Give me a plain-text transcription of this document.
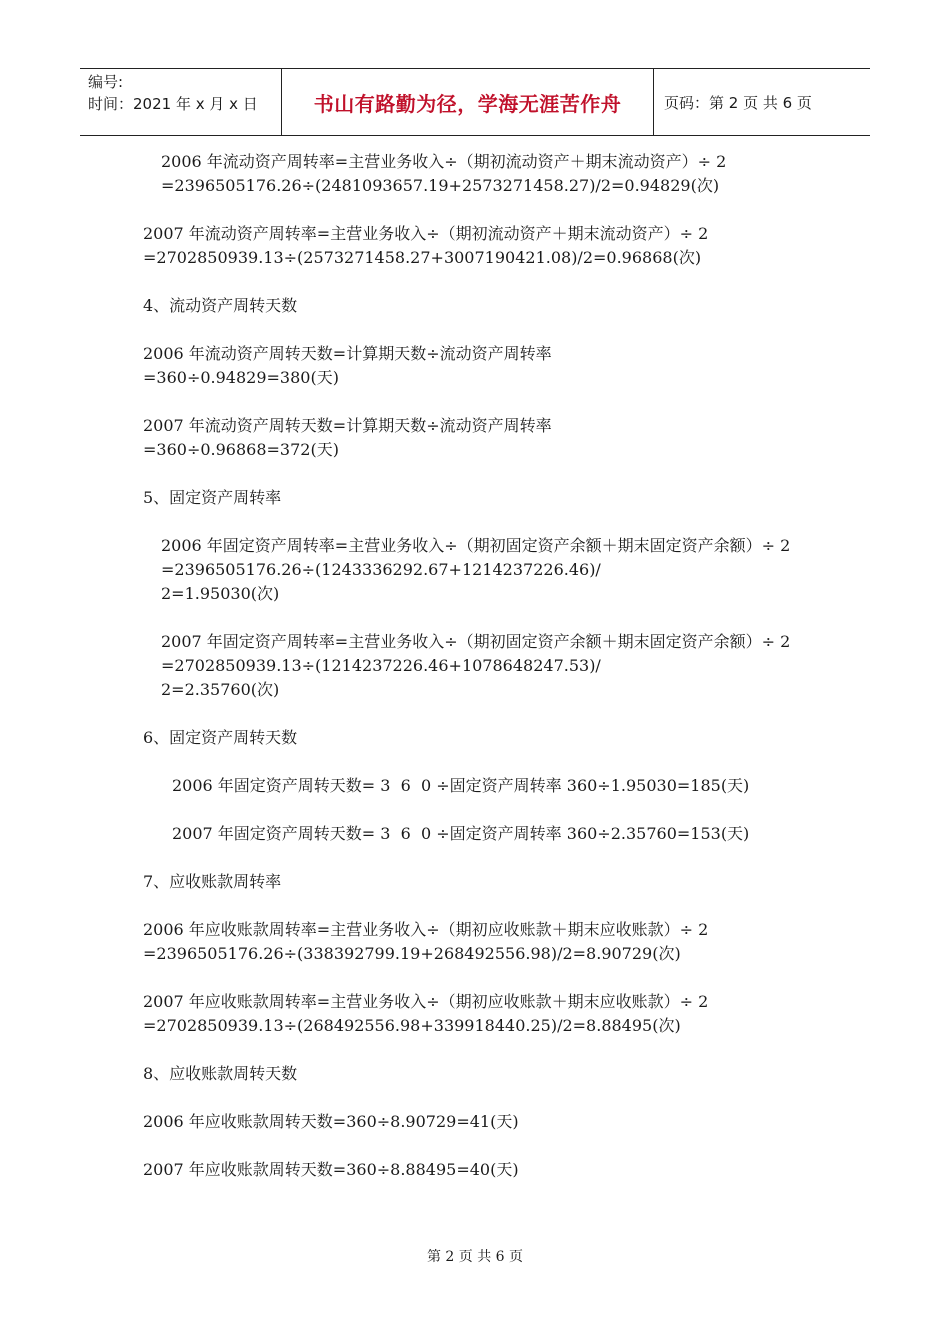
编号:
时间：2021 年 x 月 x 日	书山有路勤为径，学海无涯苦作舟	页码：第 2 页 共 6 页

2006 年流动资产周转率=主营业务收入÷（期初流动资产＋期末流动资产）÷ 2 =2396505176.26÷(2481093657.19+2573271458.27)/2=0.94829(次)

2007 年流动资产周转率=主营业务收入÷（期初流动资产＋期末流动资产）÷ 2 =2702850939.13÷(2573271458.27+3007190421.08)/2=0.96868(次)

4、流动资产周转天数

2006 年流动资产周转天数=计算期天数÷流动资产周转率
=360÷0.94829=380(天)

2007 年流动资产周转天数=计算期天数÷流动资产周转率
=360÷0.96868=372(天)

5、固定资产周转率

2006 年固定资产周转率=主营业务收入÷（期初固定资产余额＋期末固定资产余额）÷ 2 =2396505176.26÷(1243336292.67+1214237226.46)/
2=1.95030(次)

2007 年固定资产周转率=主营业务收入÷（期初固定资产余额＋期末固定资产余额）÷ 2 =2702850939.13÷(1214237226.46+1078648247.53)/
2=2.35760(次)

6、固定资产周转天数

2006 年固定资产周转天数= 3  6  0 ÷固定资产周转率 360÷1.95030=185(天)

2007 年固定资产周转天数= 3  6  0 ÷固定资产周转率 360÷2.35760=153(天)

7、应收账款周转率

2006 年应收账款周转率=主营业务收入÷（期初应收账款＋期末应收账款）÷ 2 =2396505176.26÷(338392799.19+268492556.98)/2=8.90729(次)

2007 年应收账款周转率=主营业务收入÷（期初应收账款＋期末应收账款）÷ 2 =2702850939.13÷(268492556.98+339918440.25)/2=8.88495(次)

8、应收账款周转天数

2006 年应收账款周转天数=360÷8.90729=41(天)

2007 年应收账款周转天数=360÷8.88495=40(天)

第 2 页 共 6 页
